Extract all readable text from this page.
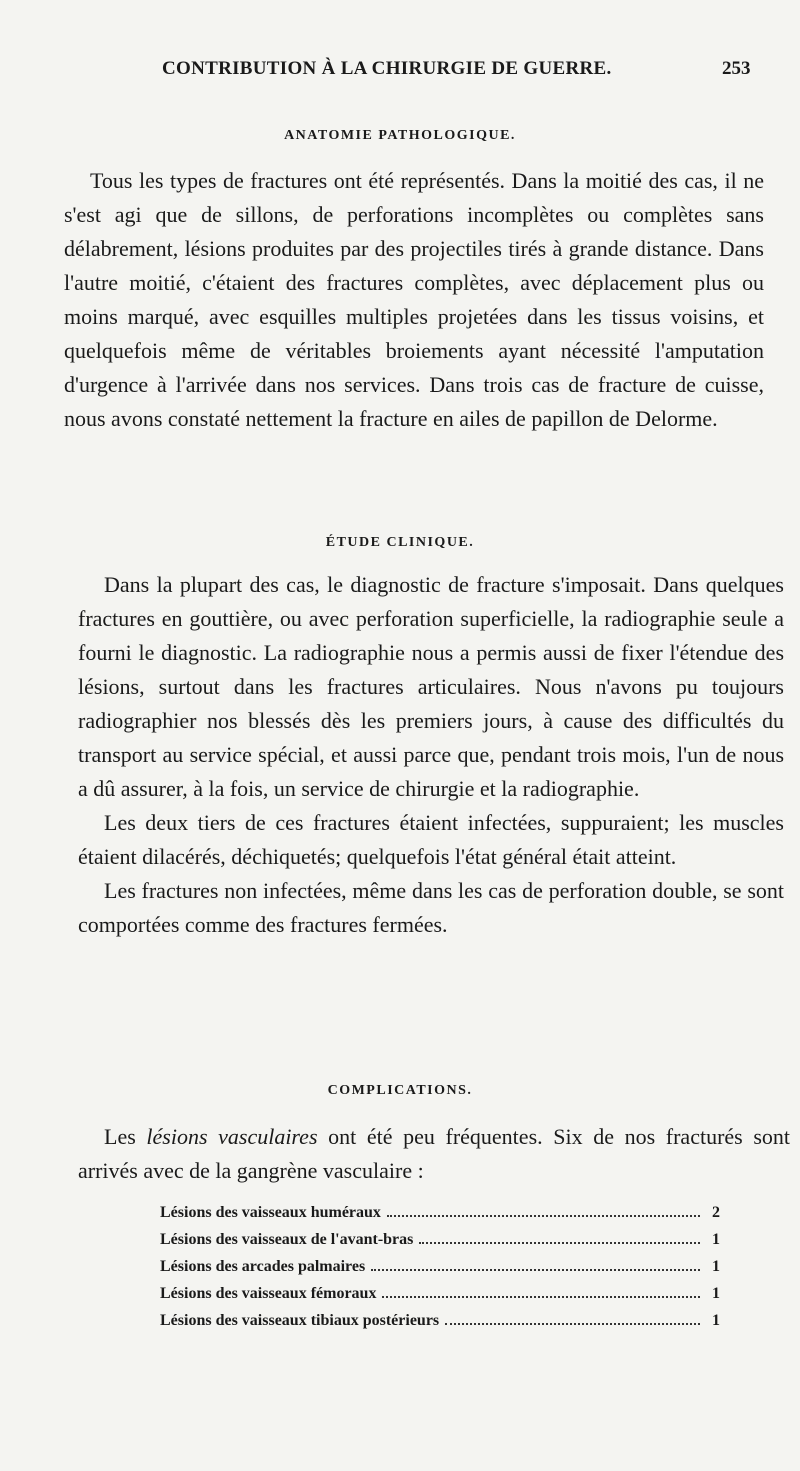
CONTRIBUTION À LA CHIRURGIE DE GUERRE.	253
ANATOMIE PATHOLOGIQUE.

Tous les types de fractures ont été représentés. Dans la moitié des cas, il ne s'est agi que de sillons, de perforations incomplètes ou complètes sans délabrement, lésions produites par des projectiles tirés à grande distance. Dans l'autre moitié, c'étaient des fractures complètes, avec déplacement plus ou moins marqué, avec esquilles multiples projetées dans les tissus voisins, et quelquefois même de véritables broiements ayant nécessité l'amputation d'urgence à l'arrivée dans nos services. Dans trois cas de fracture de cuisse, nous avons constaté nettement la fracture en ailes de papillon de Delorme.

ÉTUDE CLINIQUE.

Dans la plupart des cas, le diagnostic de fracture s'imposait. Dans quelques fractures en gouttière, ou avec perforation superficielle, la radiographie seule a fourni le diagnostic. La radiographie nous a permis aussi de fixer l'étendue des lésions, surtout dans les fractures articulaires. Nous n'avons pu toujours radiographier nos blessés dès les premiers jours, à cause des difficultés du transport au service spécial, et aussi parce que, pendant trois mois, l'un de nous a dû assurer, à la fois, un service de chirurgie et la radiographie.

Les deux tiers de ces fractures étaient infectées, suppuraient; les muscles étaient dilacérés, déchiquetés; quelquefois l'état général était atteint.

Les fractures non infectées, même dans les cas de perforation double, se sont comportées comme des fractures fermées.

COMPLICATIONS.

Les lésions vasculaires ont été peu fréquentes. Six de nos fracturés sont arrivés avec de la gangrène vasculaire :

Lésions des vaisseaux huméraux	2
Lésions des vaisseaux de l'avant-bras	1
Lésions des arcades palmaires	1
Lésions des vaisseaux fémoraux	1
Lésions des vaisseaux tibiaux postérieurs	1
